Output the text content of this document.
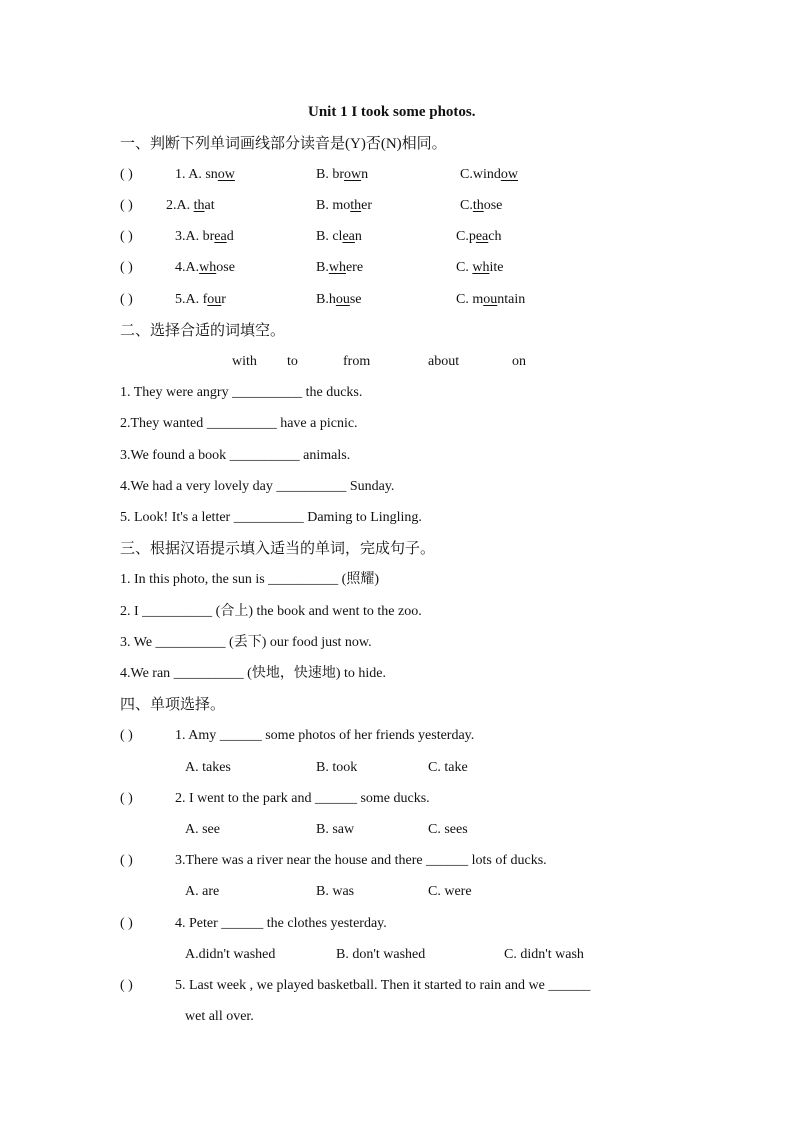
Unit 1 I took some photos.
一、判断下列单词画线部分读音是(Y)否(N)相同。
( )	1. A. snow	B. brown	C.window
( ) 2.A. that	B. mother	C.those
( )	3.A. bread	B. clean	C.peach
( )	4.A.whose	B.where	C. white
( )	5.A. four	B.house	C. mountain
二、选择合适的词填空。
with to	from	about	on
1. They were angry __________ the ducks.
2.They wanted __________ have a picnic.
3.We found a book __________ animals.
4.We had a very lovely day __________ Sunday.
5. Look! It's a letter __________ Daming to Lingling.
三、根据汉语提示填入适当的单词，完成句子。
1. In this photo, the sun is __________ (照耀)
2. I __________ (合上) the book and went to the zoo.
3. We __________ (丢下) our food just now.
4.We ran __________ (快地，快速地) to hide.
四、单项选择。
( )	1. Amy ______ some photos of her friends yesterday.
A. takes	B. took	C. take
( )	2. I went to the park and ______ some ducks.
A. see	B. saw	C. sees
( )	3.There was a river near the house and there ______ lots of ducks.
A. are	B. was	C. were
( )	4. Peter ______ the clothes yesterday.
A.didn't washed	B. don't washed	C. didn't wash
( )	5. Last week , we played basketball. Then it started to rain and we ______
wet all over.
